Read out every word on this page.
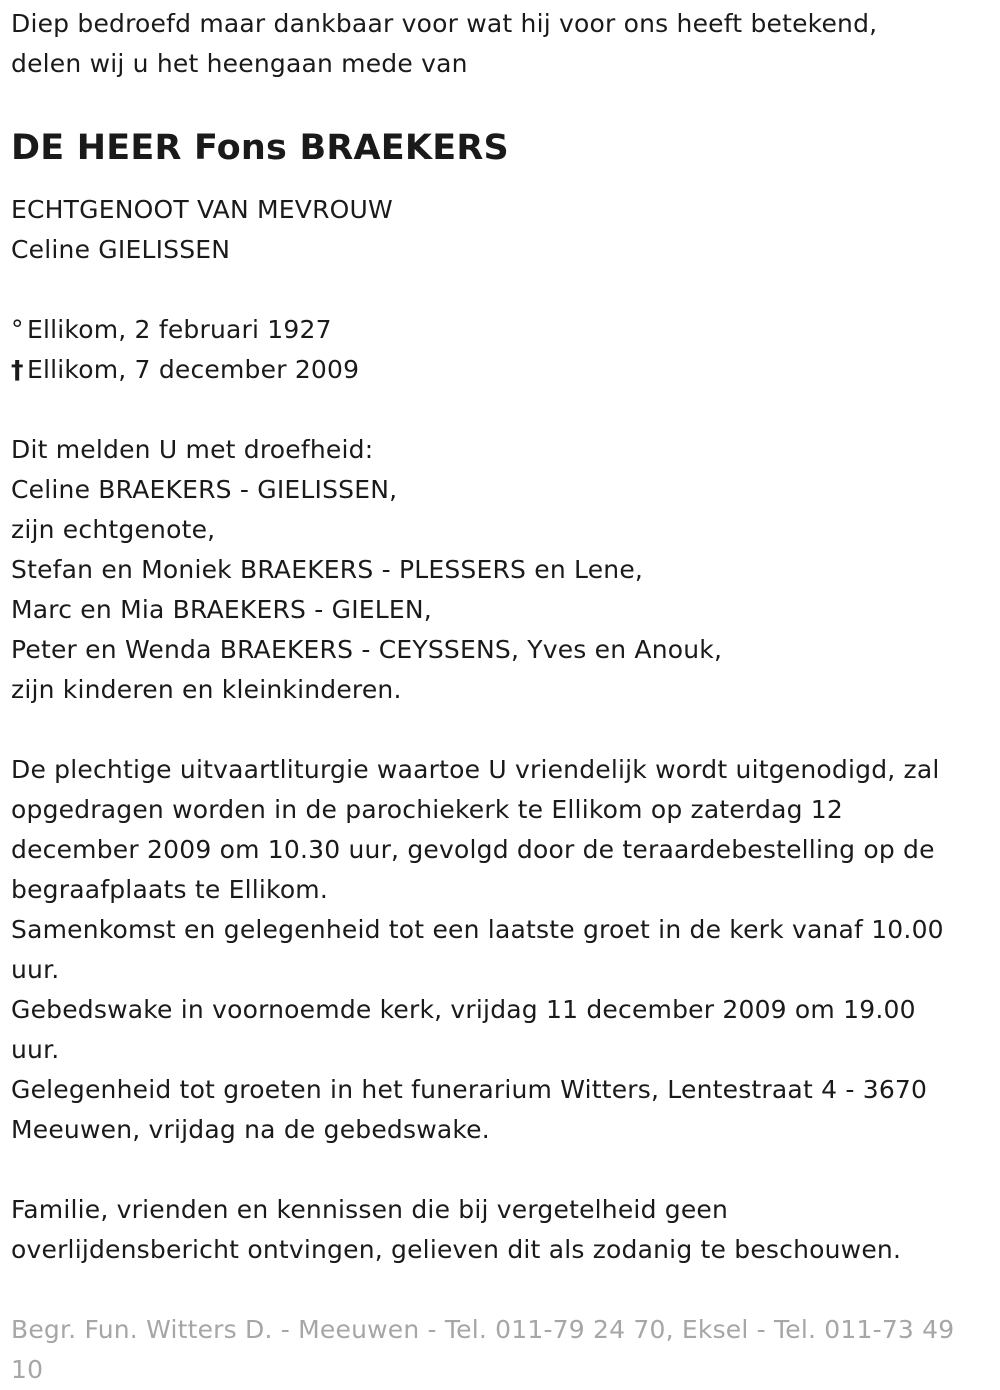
Diep bedroefd maar dankbaar voor wat hij voor ons heeft betekend,
delen wij u het heengaan mede van
DE HEER Fons BRAEKERS
ECHTGENOOT VAN MEVROUW
Celine GIELISSEN
° Ellikom, 2 februari 1927
† Ellikom, 7 december 2009
Dit melden U met droefheid:
Celine BRAEKERS - GIELISSEN,
zijn echtgenote,
Stefan en Moniek BRAEKERS - PLESSERS en Lene,
Marc en Mia BRAEKERS - GIELEN,
Peter en Wenda BRAEKERS - CEYSSENS, Yves en Anouk,
zijn kinderen en kleinkinderen.
De plechtige uitvaartliturgie waartoe U vriendelijk wordt uitgenodigd, zal
opgedragen worden in de parochiekerk te Ellikom op zaterdag 12
december 2009 om 10.30 uur, gevolgd door de teraardebestelling op de
begraafplaats te Ellikom.
Samenkomst en gelegenheid tot een laatste groet in de kerk vanaf 10.00
uur.
Gebedswake in voornoemde kerk, vrijdag 11 december 2009 om 19.00
uur.
Gelegenheid tot groeten in het funerarium Witters, Lentestraat 4 - 3670
Meeuwen, vrijdag na de gebedswake.
Familie, vrienden en kennissen die bij vergetelheid geen
overlijdensbericht ontvingen, gelieven dit als zodanig te beschouwen.
Begr. Fun. Witters D. - Meeuwen - Tel. 011-79 24 70, Eksel - Tel. 011-73 49
10
